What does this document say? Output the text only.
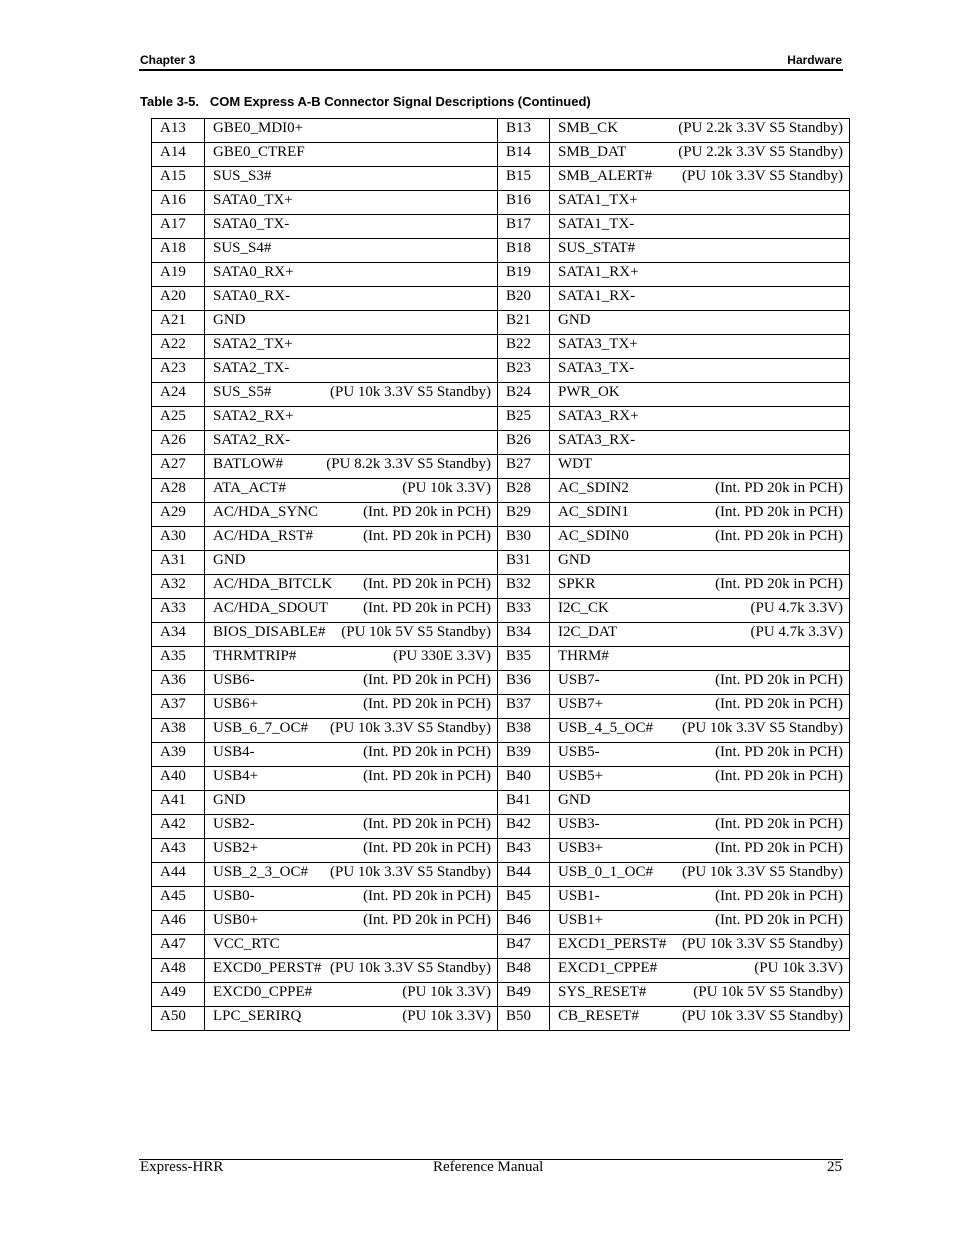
Chapter 3	Hardware
Table 3-5.   COM Express A-B Connector Signal Descriptions (Continued)
A13	GBE0_MDI0+	B13	SMB_CK (PU 2.2k 3.3V S5 Standby)

A14	GBE0_CTREF	B14	SMB_DAT (PU 2.2k 3.3V S5 Standby)

A15	SUS_S3#	B15	SMB_ALERT# (PU 10k 3.3V S5 Standby)

A16	SATA0_TX+	B16	SATA1_TX+

A17	SATA0_TX-	B17	SATA1_TX-

A18	SUS_S4#	B18	SUS_STAT#

A19	SATA0_RX+	B19	SATA1_RX+

A20	SATA0_RX-	B20	SATA1_RX-

A21	GND	B21	GND

A22	SATA2_TX+	B22	SATA3_TX+

A23	SATA2_TX-	B23	SATA3_TX-

A24	SUS_S5# (PU 10k 3.3V S5 Standby)	B24	PWR_OK

A25	SATA2_RX+	B25	SATA3_RX+

A26	SATA2_RX-	B26	SATA3_RX-

A27	BATLOW# (PU 8.2k 3.3V S5 Standby)	B27	WDT

A28	ATA_ACT# (PU 10k 3.3V)	B28	AC_SDIN2 (Int. PD 20k in PCH)

A29	AC/HDA_SYNC (Int. PD 20k in PCH)	B29	AC_SDIN1 (Int. PD 20k in PCH)

A30	AC/HDA_RST# (Int. PD 20k in PCH)	B30	AC_SDIN0 (Int. PD 20k in PCH)

A31	GND	B31	GND

A32	AC/HDA_BITCLK (Int. PD 20k in PCH)	B32	SPKR (Int. PD 20k in PCH)

A33	AC/HDA_SDOUT (Int. PD 20k in PCH)	B33	I2C_CK (PU 4.7k 3.3V)

A34	BIOS_DISABLE# (PU 10k 5V S5 Standby)	B34	I2C_DAT (PU 4.7k 3.3V)

A35	THRMTRIP# (PU 330E 3.3V)	B35	THRM#

A36	USB6- (Int. PD 20k in PCH)	B36	USB7- (Int. PD 20k in PCH)

A37	USB6+ (Int. PD 20k in PCH)	B37	USB7+ (Int. PD 20k in PCH)

A38	USB_6_7_OC# (PU 10k 3.3V S5 Standby)	B38	USB_4_5_OC# (PU 10k 3.3V S5 Standby)

A39	USB4- (Int. PD 20k in PCH)	B39	USB5- (Int. PD 20k in PCH)

A40	USB4+ (Int. PD 20k in PCH)	B40	USB5+ (Int. PD 20k in PCH)

A41	GND	B41	GND

A42	USB2- (Int. PD 20k in PCH)	B42	USB3- (Int. PD 20k in PCH)

A43	USB2+ (Int. PD 20k in PCH)	B43	USB3+ (Int. PD 20k in PCH)

A44	USB_2_3_OC# (PU 10k 3.3V S5 Standby)	B44	USB_0_1_OC# (PU 10k 3.3V S5 Standby)

A45	USB0- (Int. PD 20k in PCH)	B45	USB1- (Int. PD 20k in PCH)

A46	USB0+ (Int. PD 20k in PCH)	B46	USB1+ (Int. PD 20k in PCH)

A47	VCC_RTC	B47	EXCD1_PERST# (PU 10k 3.3V S5 Standby)

A48	EXCD0_PERST# (PU 10k 3.3V S5 Standby)	B48	EXCD1_CPPE# (PU 10k 3.3V)

A49	EXCD0_CPPE# (PU 10k 3.3V)	B49	SYS_RESET# (PU 10k 5V S5 Standby)

A50	LPC_SERIRQ (PU 10k 3.3V)	B50	CB_RESET# (PU 10k 3.3V S5 Standby)
Express-HRR	Reference Manual	25
